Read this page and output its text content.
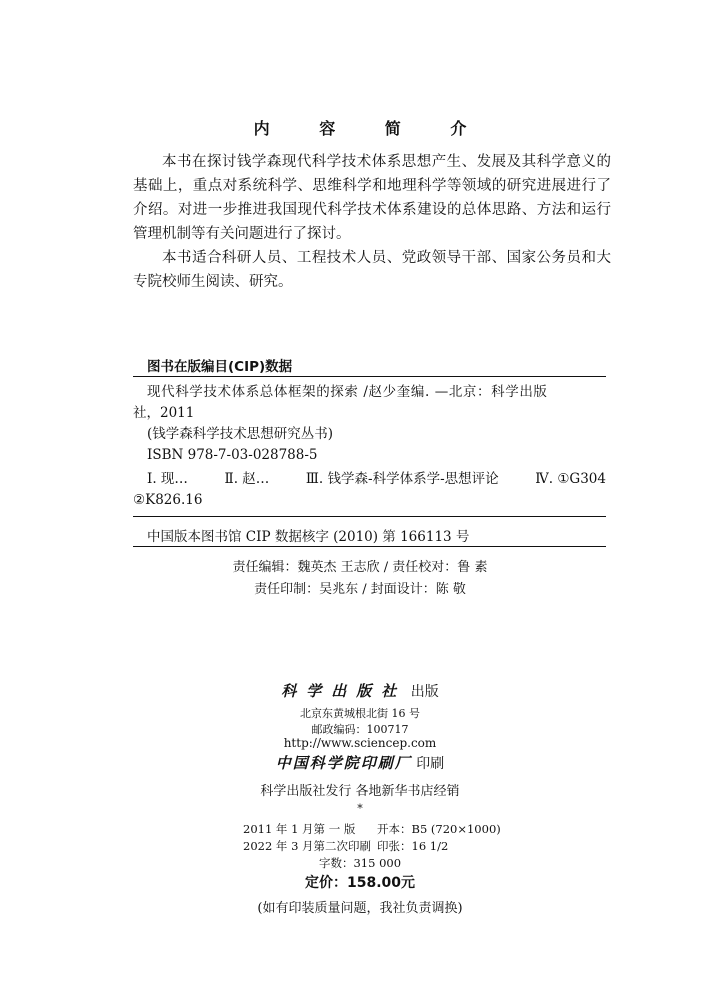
内 容 简 介

本书在探讨钱学森现代科学技术体系思想产生、发展及其科学意义的基础上，重点对系统科学、思维科学和地理科学等领域的研究进展进行了介绍。对进一步推进我国现代科学技术体系建设的总体思路、方法和运行管理机制等有关问题进行了探讨。

本书适合科研人员、工程技术人员、党政领导干部、国家公务员和大专院校师生阅读、研究。

图书在版编目(CIP)数据
现代科学技术体系总体框架的探索 /赵少奎编. —北京：科学出版
社，2011
(钱学森科学技术思想研究丛书)
ISBN 978-7-03-028788-5
Ⅰ. 现…	Ⅱ. 赵…	Ⅲ. 钱学森-科学体系学-思想评论	Ⅳ. ①G304
②K826.16
中国版本图书馆 CIP 数据核字 (2010) 第 166113 号
责任编辑：魏英杰 王志欣 / 责任校对：鲁 素
责任印制：吴兆东 / 封面设计：陈 敬
科学出版社 出版
北京东黄城根北街 16 号
邮政编码：100717
http://www.sciencep.com
中国科学院印刷厂 印刷
科学出版社发行 各地新华书店经销
*
2011 年 1 月第 一 版 开本：B5 (720×1000)
2022 年 3 月第二次印刷 印张：16 1/2
字数：315 000
定价：158.00元
(如有印装质量问题，我社负责调换)
